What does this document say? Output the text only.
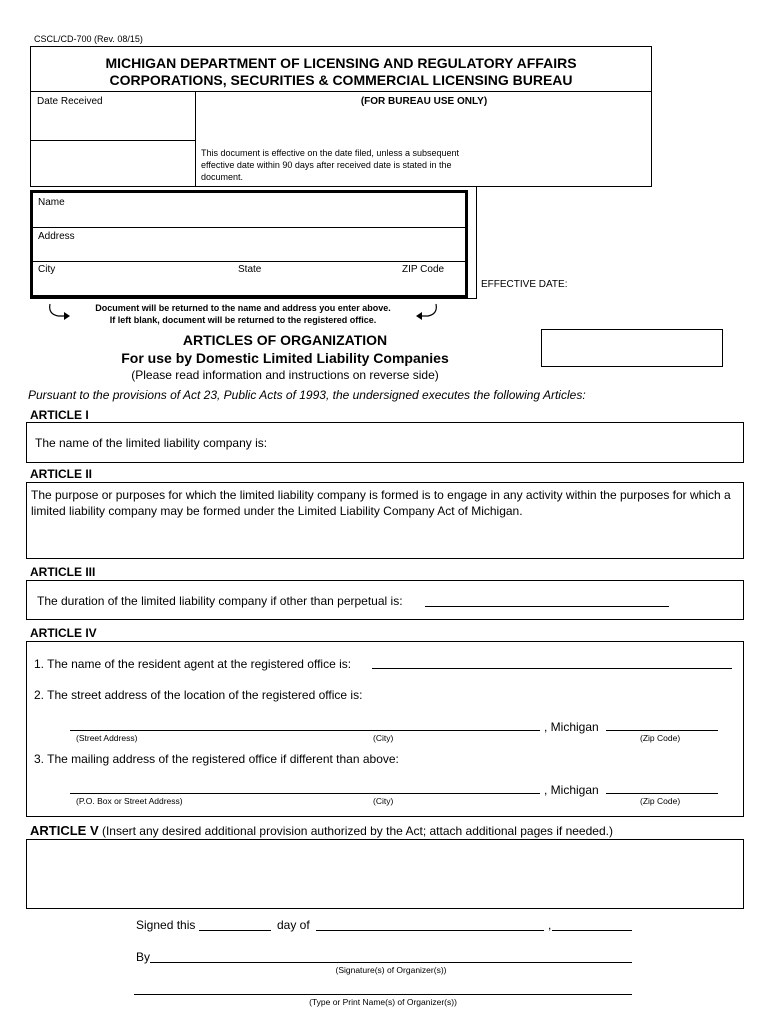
CSCL/CD-700 (Rev. 08/15)
MICHIGAN DEPARTMENT OF LICENSING AND REGULATORY AFFAIRS
CORPORATIONS, SECURITIES & COMMERCIAL LICENSING BUREAU
Date Received	(FOR BUREAU USE ONLY)
This document is effective on the date filed, unless a subsequent effective date within 90 days after received date is stated in the document.
Name
Address
City	State	ZIP Code
EFFECTIVE DATE:
Document will be returned to the name and address you enter above.
If left blank, document will be returned to the registered office.
ARTICLES OF ORGANIZATION
For use by Domestic Limited Liability Companies
(Please read information and instructions on reverse side)
Pursuant to the provisions of Act 23, Public Acts of 1993, the undersigned executes the following Articles:
ARTICLE I
The name of the limited liability company is:
ARTICLE II
The purpose or purposes for which the limited liability company is formed is to engage in any activity within the purposes for which a limited liability company may be formed under the Limited Liability Company Act of Michigan.
ARTICLE III
The duration of the limited liability company if other than perpetual is:
ARTICLE IV
1. The name of the resident agent at the registered office is:
2. The street address of the location of the registered office is:
, Michigan
(Street Address)	(City)	(Zip Code)
3. The mailing address of the registered office if different than above:
, Michigan
(P.O. Box or Street Address)	(City)	(Zip Code)
ARTICLE V (Insert any desired additional provision authorized by the Act; attach additional pages if needed.)
Signed this	day of	,
By
(Signature(s) of Organizer(s))
(Type or Print Name(s) of Organizer(s))
